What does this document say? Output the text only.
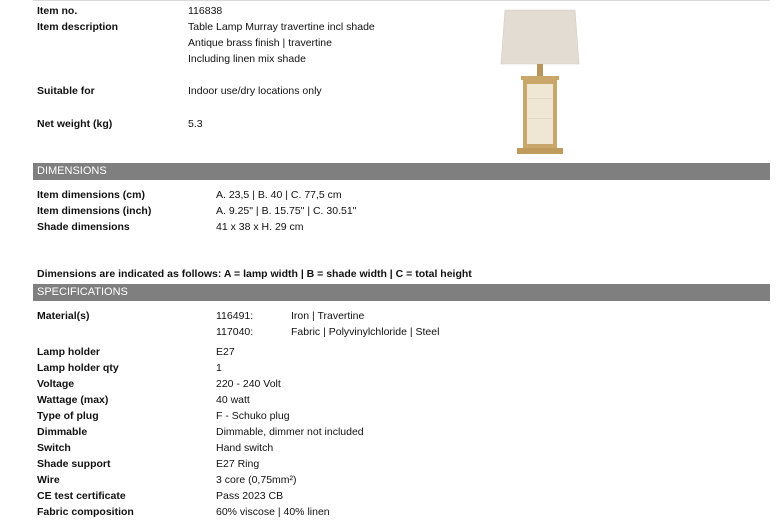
Item no.	116838
Item description	Table Lamp Murray travertine incl shade
Antique brass finish | travertine
Including linen mix shade
Suitable for	Indoor use/dry locations only
Net weight (kg)	5.3
DIMENSIONS
Item dimensions (cm)	A. 23,5 | B. 40 | C. 77,5 cm
Item dimensions (inch)	A. 9.25" | B. 15.75" | C. 30.51"
Shade dimensions	41 x 38 x H. 29 cm
Dimensions are indicated as follows: A = lamp width | B = shade width | C = total height
SPECIFICATIONS
Material(s)	116491:	Iron | Travertine
117040:	Fabric | Polyvinylchloride | Steel
Lamp holder	E27
Lamp holder qty	1
Voltage	220 - 240 Volt
Wattage (max)	40 watt
Type of plug	F - Schuko plug
Dimmable	Dimmable, dimmer not included
Switch	Hand switch
Shade support	E27 Ring
Wire	3 core (0,75mm²)
CE test certificate	Pass 2023 CB
Fabric composition	60% viscose | 40% linen
